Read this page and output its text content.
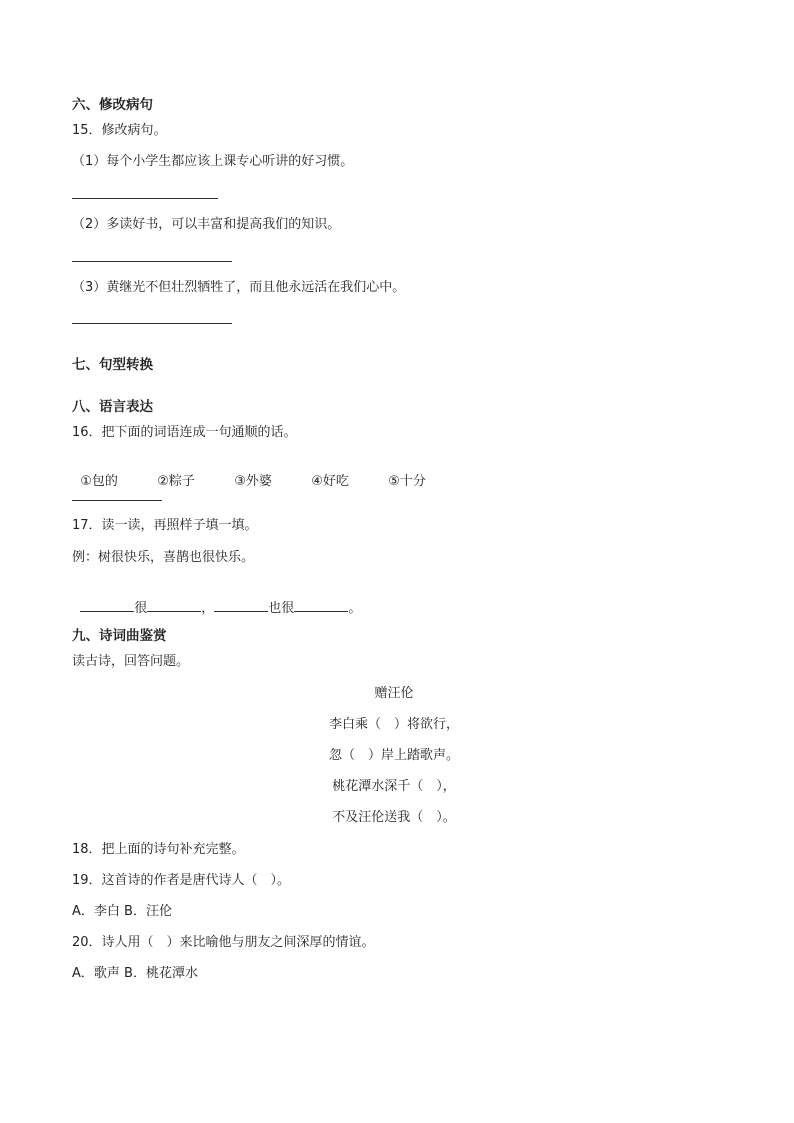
六、修改病句
15．修改病句。
（1）每个小学生都应该上课专心听讲的好习惯。
（2）多读好书，可以丰富和提高我们的知识。
（3）黄继光不但壮烈牺牲了，而且他永远活在我们心中。
七、句型转换
八、语言表达
16．把下面的词语连成一句通顺的话。

①包的	②粽子	③外婆	④好吃	⑤十分

17．读一读，再照样子填一填。
例：树很快乐，喜鹊也很快乐。

很	，	也很	。

九、诗词曲鉴赏
读古诗，回答问题。
赠汪伦
李白乘（　）将欲行，
忽（　）岸上踏歌声。
桃花潭水深千（　），
不及汪伦送我（　）。
18．把上面的诗句补充完整。
19．这首诗的作者是唐代诗人（　）。
A．李白 B．汪伦
20．诗人用（　）来比喻他与朋友之间深厚的情谊。
A．歌声 B．桃花潭水
